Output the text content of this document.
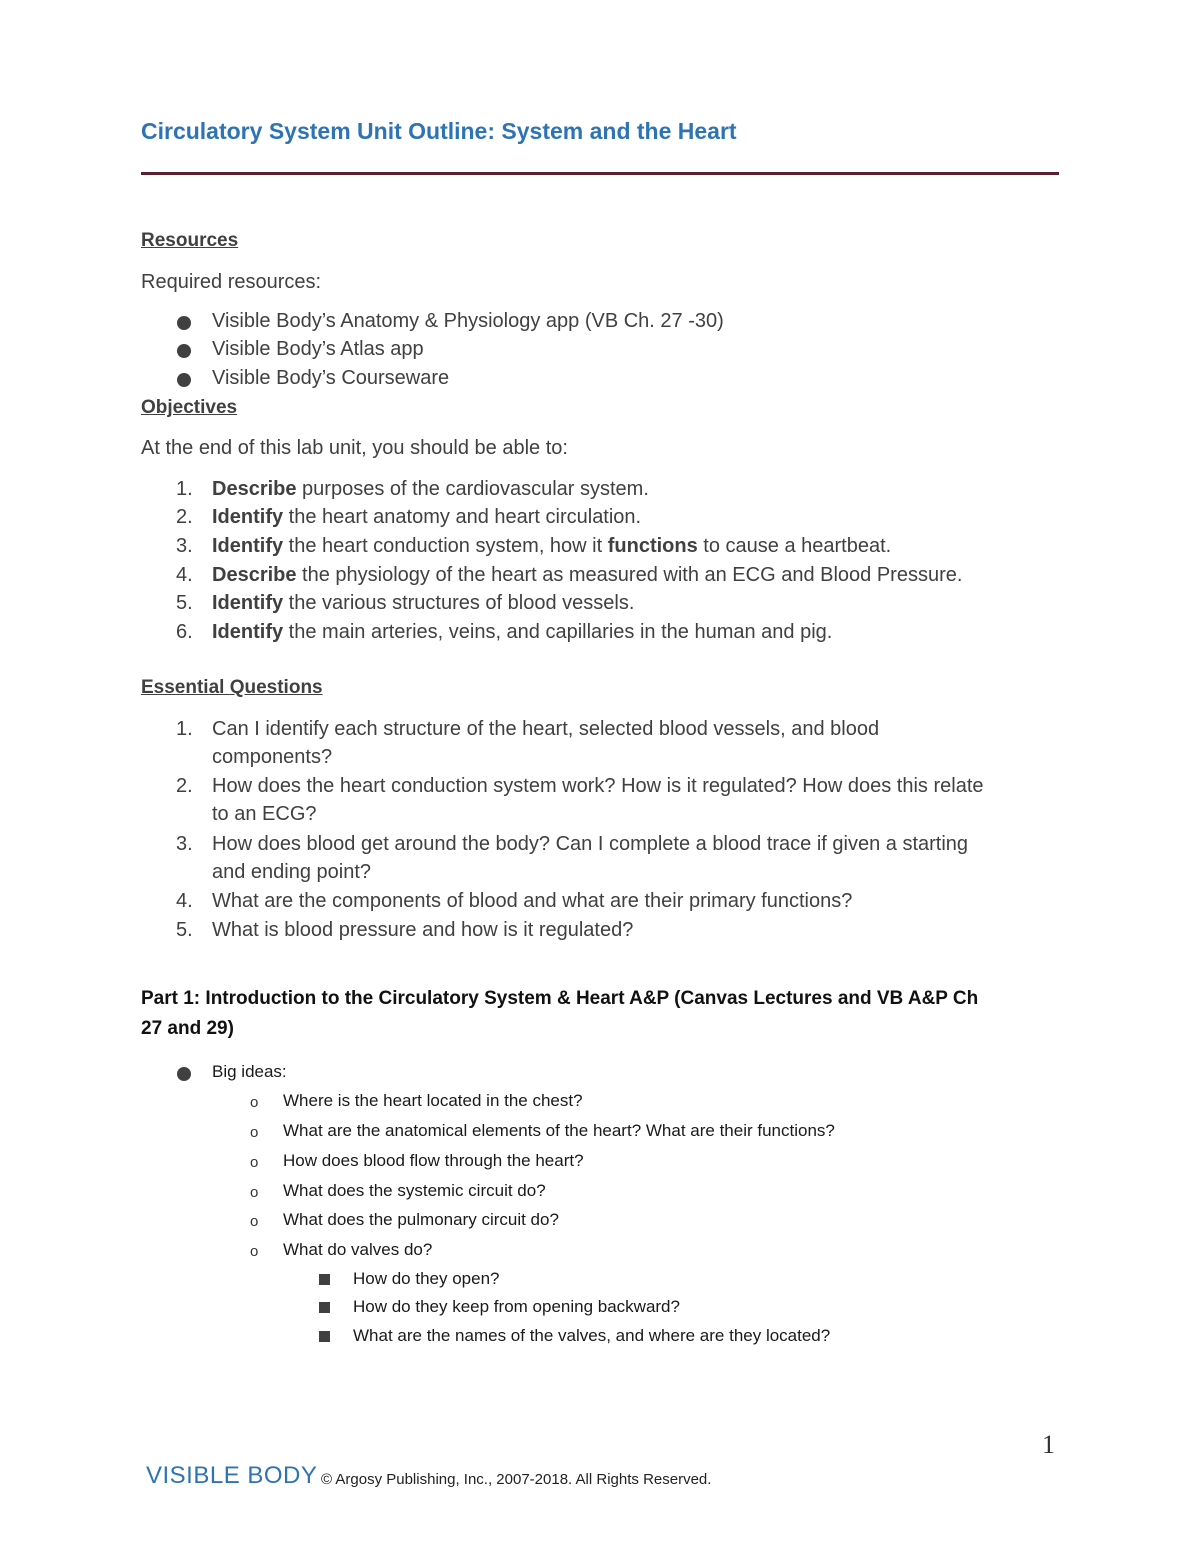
Circulatory System Unit Outline: System and the Heart
Resources
Required resources:
Visible Body’s Anatomy & Physiology app (VB Ch. 27 -30)
Visible Body’s Atlas app
Visible Body’s Courseware
Objectives
At the end of this lab unit, you should be able to:
1. Describe purposes of the cardiovascular system.
2. Identify the heart anatomy and heart circulation.
3. Identify the heart conduction system, how it functions to cause a heartbeat.
4. Describe the physiology of the heart as measured with an ECG and Blood Pressure.
5. Identify the various structures of blood vessels.
6. Identify the main arteries, veins, and capillaries in the human and pig.
Essential Questions
1. Can I identify each structure of the heart, selected blood vessels, and blood
components?
2. How does the heart conduction system work? How is it regulated? How does this relate
to an ECG?
3. How does blood get around the body? Can I complete a blood trace if given a starting
and ending point?
4. What are the components of blood and what are their primary functions?
5. What is blood pressure and how is it regulated?
Part 1: Introduction to the Circulatory System & Heart A&P (Canvas Lectures and VB A&P Ch
27 and 29)
Big ideas:
o Where is the heart located in the chest?
o What are the anatomical elements of the heart? What are their functions?
o How does blood flow through the heart?
o What does the systemic circuit do?
o What does the pulmonary circuit do?
o What do valves do?
How do they open?
How do they keep from opening backward?
What are the names of the valves, and where are they located?
1
VISIBLE BODY © Argosy Publishing, Inc., 2007-2018. All Rights Reserved.
